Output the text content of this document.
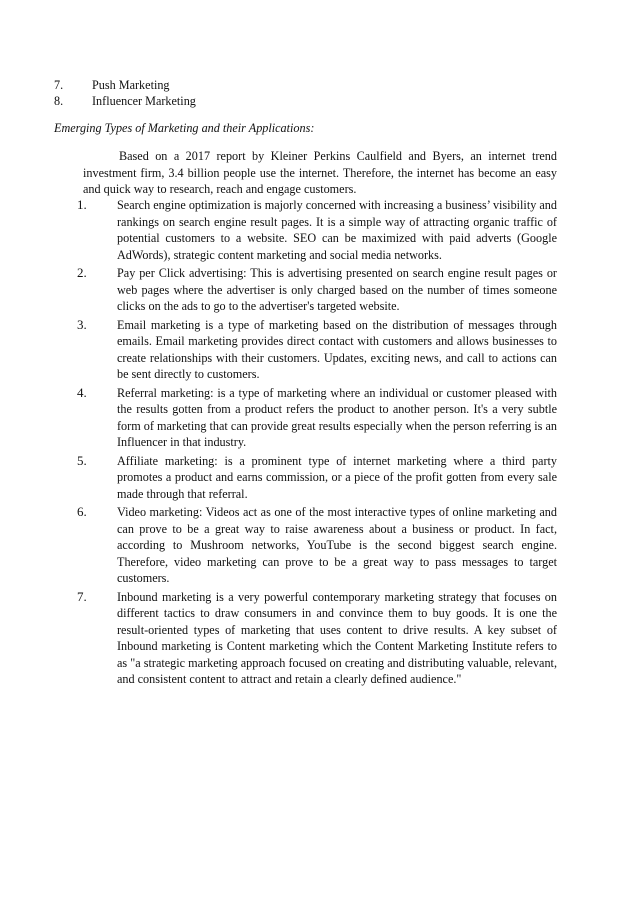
7.	Push Marketing
8.	Influencer Marketing
Emerging Types of Marketing and their Applications:

Based on a 2017 report by Kleiner Perkins Caulfield and Byers, an internet trend investment firm, 3.4 billion people use the internet. Therefore, the internet has become an easy and quick way to research, reach and engage customers.

1.	Search engine optimization is majorly concerned with increasing a business’ visibility and rankings on search engine result pages. It is a simple way of attracting organic traffic of potential customers to a website. SEO can be maximized with paid adverts (Google AdWords), strategic content marketing and social media networks.

2.	Pay per Click advertising: This is advertising presented on search engine result pages or web pages where the advertiser is only charged based on the number of times someone clicks on the ads to go to the advertiser's targeted website.

3.	Email marketing is a type of marketing based on the distribution of messages through emails. Email marketing provides direct contact with customers and allows businesses to create relationships with their customers. Updates, exciting news, and call to actions can be sent directly to customers.

4.	Referral marketing: is a type of marketing where an individual or customer pleased with the results gotten from a product refers the product to another person. It's a very subtle form of marketing that can provide great results especially when the person referring is an Influencer in that industry.

5.	Affiliate marketing: is a prominent type of internet marketing where a third party promotes a product and earns commission, or a piece of the profit gotten from every sale made through that referral.

6.	Video marketing: Videos act as one of the most interactive types of online marketing and can prove to be a great way to raise awareness about a business or product. In fact, according to Mushroom networks, YouTube is the second biggest search engine. Therefore, video marketing can prove to be a great way to pass messages to target customers.

7.	Inbound marketing is a very powerful contemporary marketing strategy that focuses on different tactics to draw consumers in and convince them to buy goods. It is one the result-oriented types of marketing that uses content to drive results. A key subset of Inbound marketing is Content marketing which the Content Marketing Institute refers to as "a strategic marketing approach focused on creating and distributing valuable, relevant, and consistent content to attract and retain a clearly defined audience."
